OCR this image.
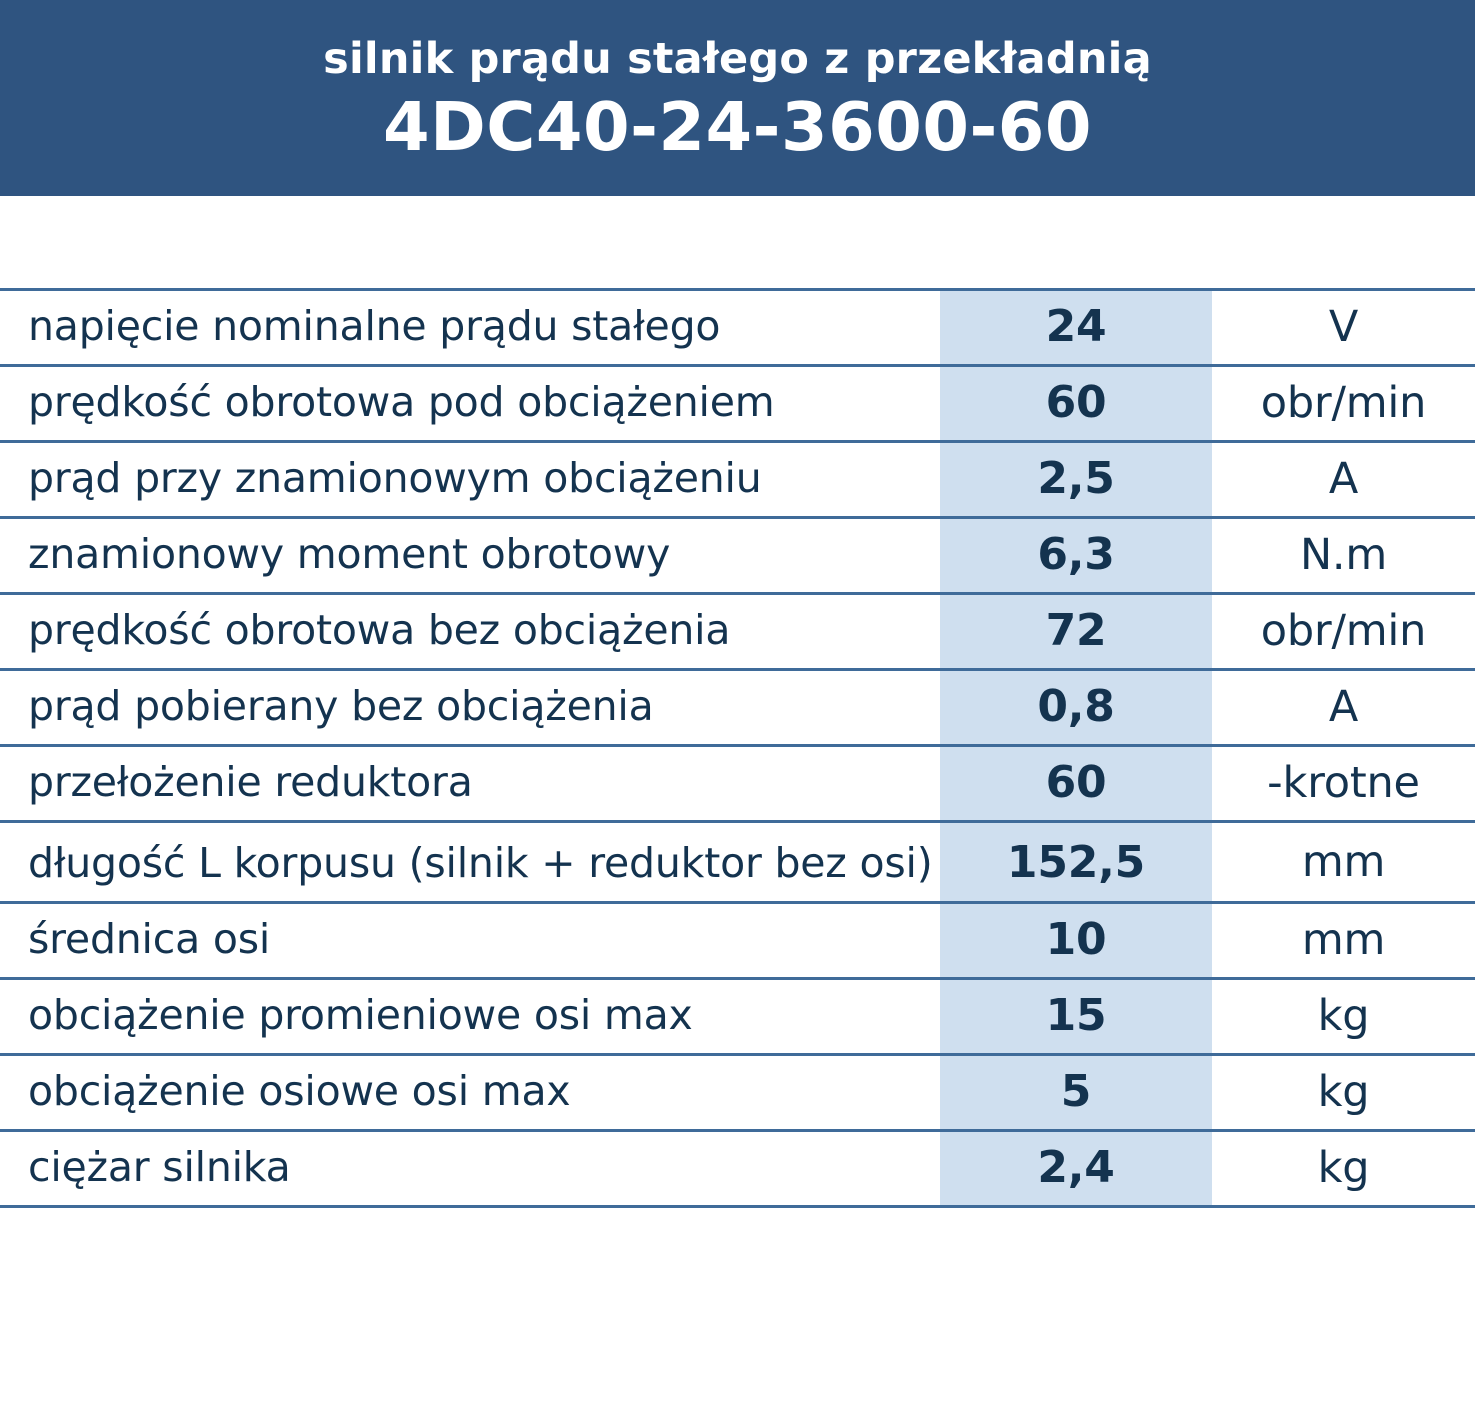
silnik prądu stałego z przekładnią
4DC40-24-3600-60
napięcie nominalne prądu stałego	24	V
prędkość obrotowa pod obciążeniem	60	obr/min
prąd przy znamionowym obciążeniu	2,5	A
znamionowy moment obrotowy	6,3	N.m
prędkość obrotowa bez obciążenia	72	obr/min
prąd pobierany bez obciążenia	0,8	A
przełożenie reduktora	60	-krotne
długość L korpusu (silnik + reduktor bez osi)	152,5	mm
średnica osi	10	mm
obciążenie promieniowe osi max	15	kg
obciążenie osiowe osi max	5	kg
ciężar silnika	2,4	kg
